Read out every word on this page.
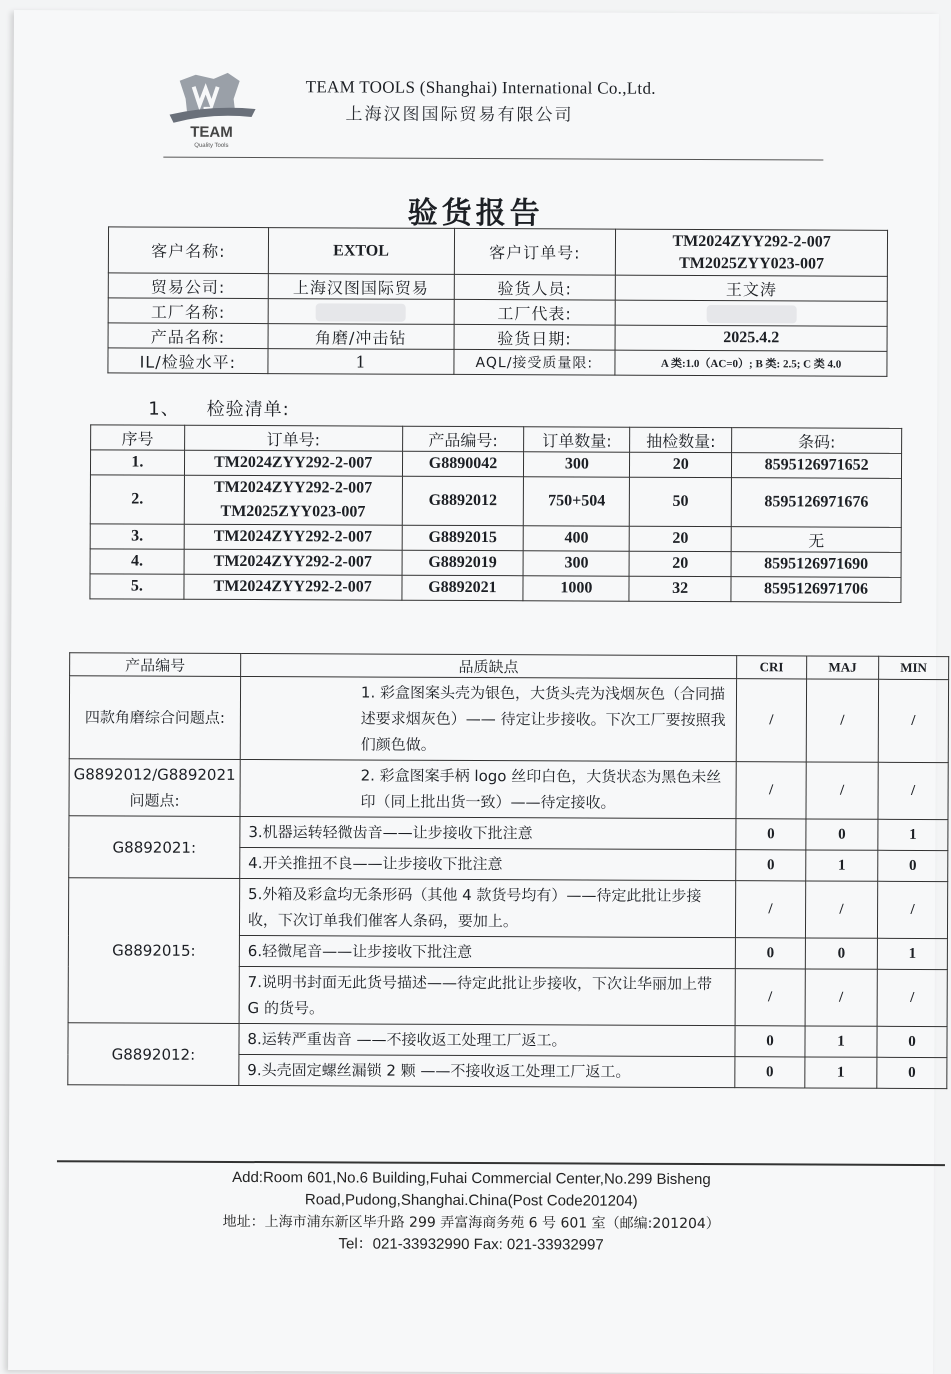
TEAM
Quality Tools
TEAM TOOLS (Shanghai) International Co.,Ltd.
上海汉图国际贸易有限公司
验货报告
客户名称:	EXTOL	客户订单号:	TM2024ZYY292-2-007
TM2025ZYY023-007

贸易公司:	上海汉图国际贸易	验货人员:	王文涛
工厂名称:		工厂代表:	
产品名称:	角磨/冲击钻	验货日期:	2025.4.2
IL/检验水平:	1	AQL/接受质量限:	A 类:1.0（AC=0）; B 类: 2.5; C 类 4.0
1、 检验清单:
序号	订单号:	产品编号:	订单数量:	抽检数量:	条码:
1.	TM2024ZYY292-2-007	G8890042	300	20	8595126971652
2.	TM2024ZYY292-2-007
TM2025ZYY023-007	G8892012	750+504	50	8595126971676
3.	TM2024ZYY292-2-007	G8892015	400	20	无
4.	TM2024ZYY292-2-007	G8892019	300	20	8595126971690
5.	TM2024ZYY292-2-007	G8892021	1000	32	8595126971706
产品编号	品质缺点	CRI	MAJ	MIN
四款角磨综合问题点:	1. 彩盒图案头壳为银色，大货头壳为浅烟灰色（合同描述要求烟灰色）—— 待定让步接收。下次工厂要按照我们颜色做。	/	/	/
G8892012/G8892021 问题点:	2. 彩盒图案手柄 logo 丝印白色，大货状态为黑色未丝印（同上批出货一致）——待定接收。	/	/	/
G8892021:	3.机器运转轻微齿音——让步接收下批注意	0	0	1
	4.开关推扭不良——让步接收下批注意	0	1	0
G8892015:	5.外箱及彩盒均无条形码（其他 4 款货号均有）——待定此批让步接收，下次订单我们催客人条码，要加上。	/	/	/
	6.轻微尾音——让步接收下批注意	0	0	1
	7.说明书封面无此货号描述——待定此批让步接收，下次让华丽加上带 G 的货号。	/	/	/
G8892012:	8.运转严重齿音 ——不接收返工处理工厂返工。	0	1	0
	9.头壳固定螺丝漏锁 2 颗 ——不接收返工处理工厂返工。	0	1	0
Add:Room 601,No.6 Building,Fuhai Commercial Center,No.299 Bisheng
Road,Pudong,Shanghai.China(Post Code201204)
地址：上海市浦东新区毕升路 299 弄富海商务苑 6 号 601 室（邮编:201204）
Tel：021-33932990 Fax: 021-33932997
